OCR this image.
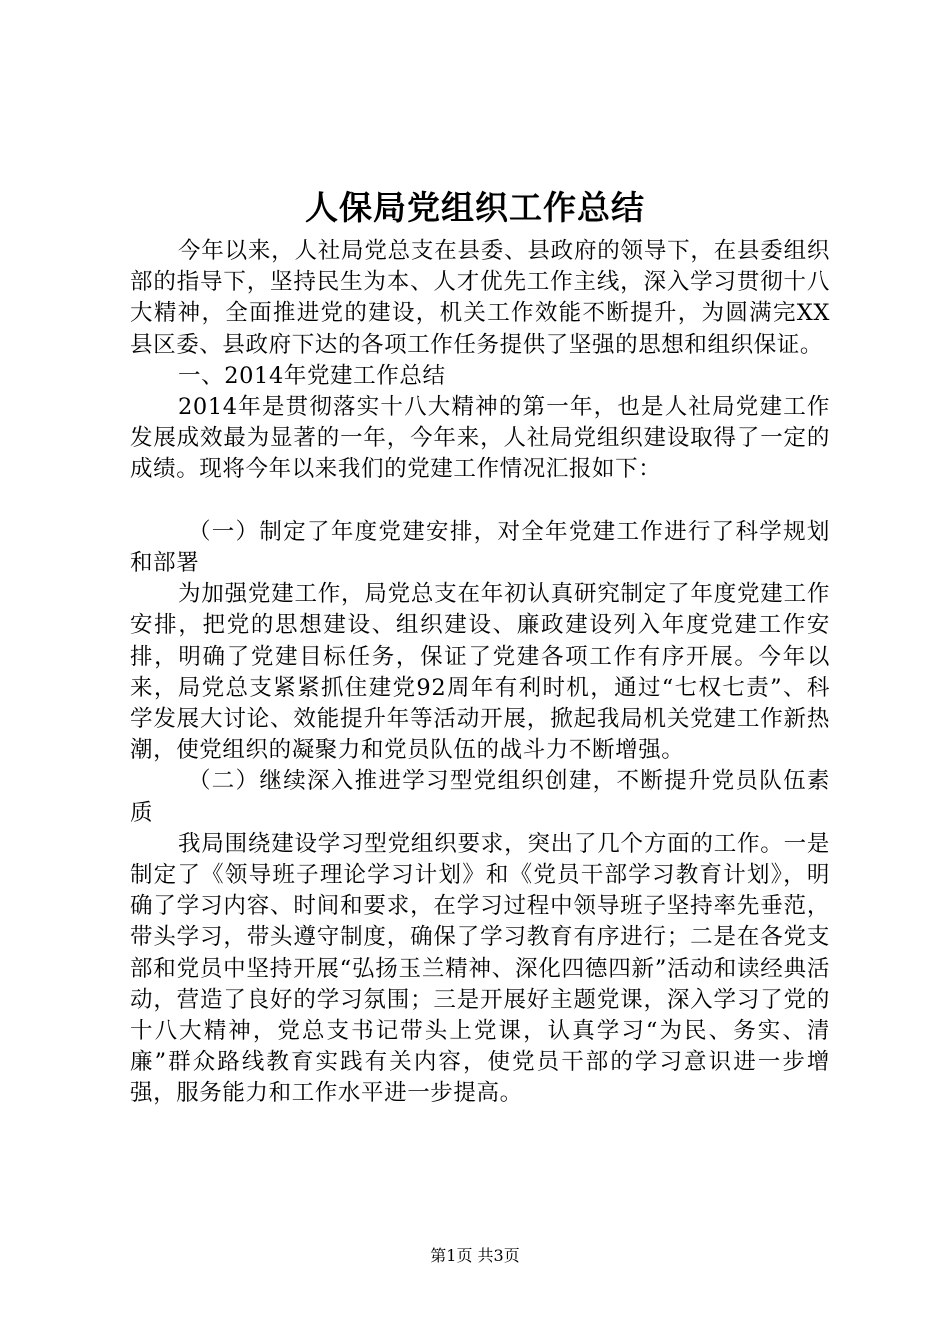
人保局党组织工作总结

今年以来，人社局党总支在县委、县政府的领导下，在县委组织部的指导下，坚持民生为本、人才优先工作主线，深入学习贯彻十八大精神，全面推进党的建设，机关工作效能不断提升，为圆满完XX县区委、县政府下达的各项工作任务提供了坚强的思想和组织保证。

一、2014年党建工作总结

2014年是贯彻落实十八大精神的第一年，也是人社局党建工作发展成效最为显著的一年，今年来，人社局党组织建设取得了一定的成绩。现将今年以来我们的党建工作情况汇报如下：

（一）制定了年度党建安排，对全年党建工作进行了科学规划和部署

为加强党建工作，局党总支在年初认真研究制定了年度党建工作安排，把党的思想建设、组织建设、廉政建设列入年度党建工作安排，明确了党建目标任务，保证了党建各项工作有序开展。今年以来，局党总支紧紧抓住建党92周年有利时机，通过“七权七责”、科学发展大讨论、效能提升年等活动开展，掀起我局机关党建工作新热潮，使党组织的凝聚力和党员队伍的战斗力不断增强。

（二）继续深入推进学习型党组织创建，不断提升党员队伍素质

我局围绕建设学习型党组织要求，突出了几个方面的工作。一是制定了《领导班子理论学习计划》和《党员干部学习教育计划》，明确了学习内容、时间和要求，在学习过程中领导班子坚持率先垂范，带头学习，带头遵守制度，确保了学习教育有序进行；二是在各党支部和党员中坚持开展“弘扬玉兰精神、深化四德四新”活动和读经典活动，营造了良好的学习氛围；三是开展好主题党课，深入学习了党的十八大精神，党总支书记带头上党课，认真学习“为民、务实、清廉”群众路线教育实践有关内容，使党员干部的学习意识进一步增强，服务能力和工作水平进一步提高。

第1页 共3页
